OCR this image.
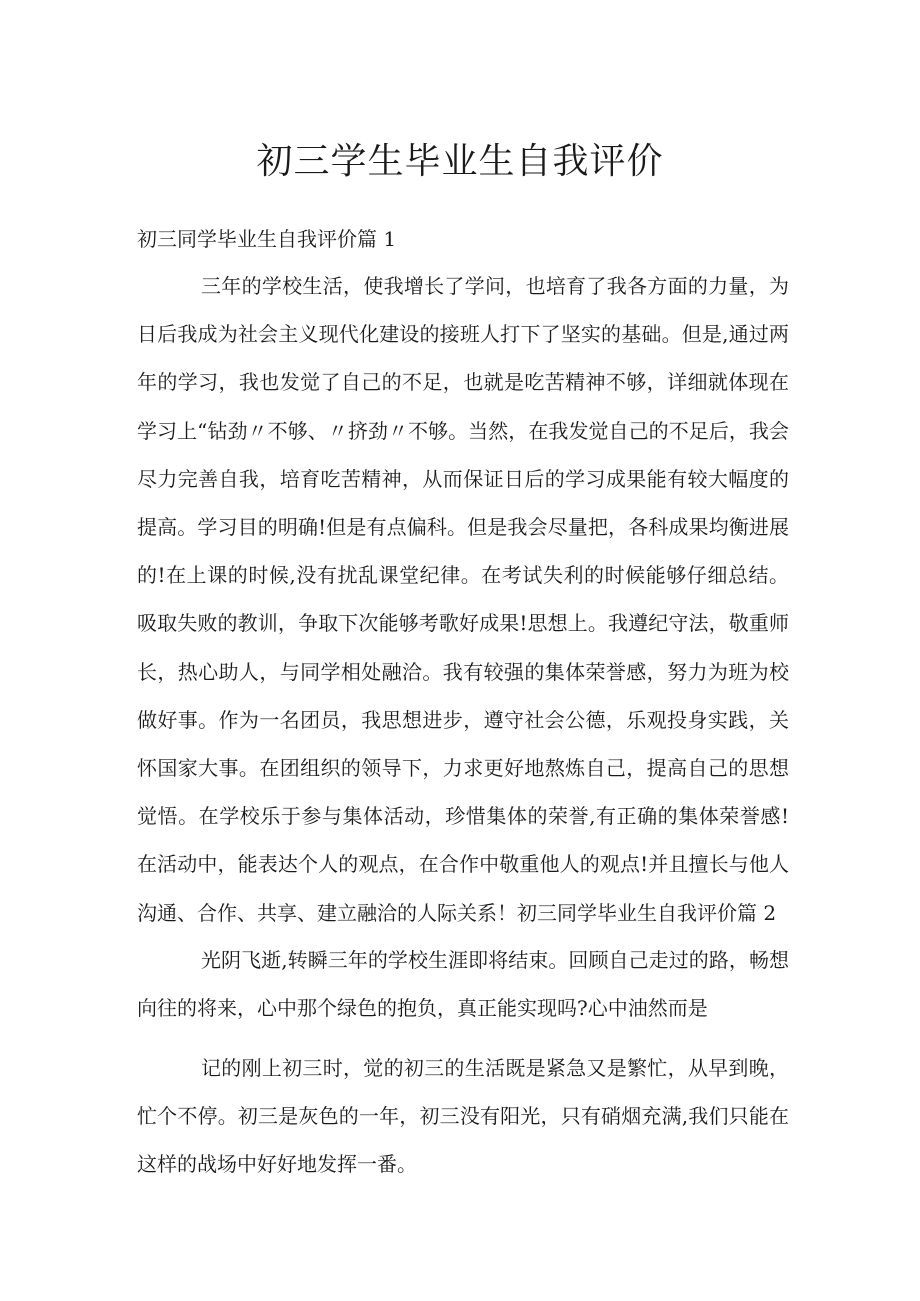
初三学生毕业生自我评价
初三同学毕业生自我评价篇 1

三年的学校生活，使我增长了学问，也培育了我各方面的力量，为日后我成为社会主义现代化建设的接班人打下了坚实的基础。但是,通过两年的学习，我也发觉了自己的不足，也就是吃苦精神不够，详细就体现在学习上“钻劲〃不够、〃挤劲〃不够。当然，在我发觉自己的不足后，我会尽力完善自我，培育吃苦精神，从而保证日后的学习成果能有较大幅度的提高。学习目的明确!但是有点偏科。但是我会尽量把，各科成果均衡进展的!在上课的时候,没有扰乱课堂纪律。在考试失利的时候能够仔细总结。吸取失败的教训，争取下次能够考歌好成果!思想上。我遵纪守法，敬重师长，热心助人，与同学相处融洽。我有较强的集体荣誉感，努力为班为校做好事。作为一名团员，我思想进步，遵守社会公德，乐观投身实践，关怀国家大事。在团组织的领导下，力求更好地熬炼自己，提高自己的思想觉悟。在学校乐于参与集体活动，珍惜集体的荣誉,有正确的集体荣誉感!在活动中，能表达个人的观点，在合作中敬重他人的观点!并且擅长与他人沟通、合作、共享、建立融洽的人际关系！初三同学毕业生自我评价篇 2

光阴飞逝,转瞬三年的学校生涯即将结束。回顾自己走过的路，畅想向往的将来，心中那个绿色的抱负，真正能实现吗?心中油然而是

记的刚上初三时，觉的初三的生活既是紧急又是繁忙，从早到晚，忙个不停。初三是灰色的一年，初三没有阳光，只有硝烟充满,我们只能在这样的战场中好好地发挥一番。
